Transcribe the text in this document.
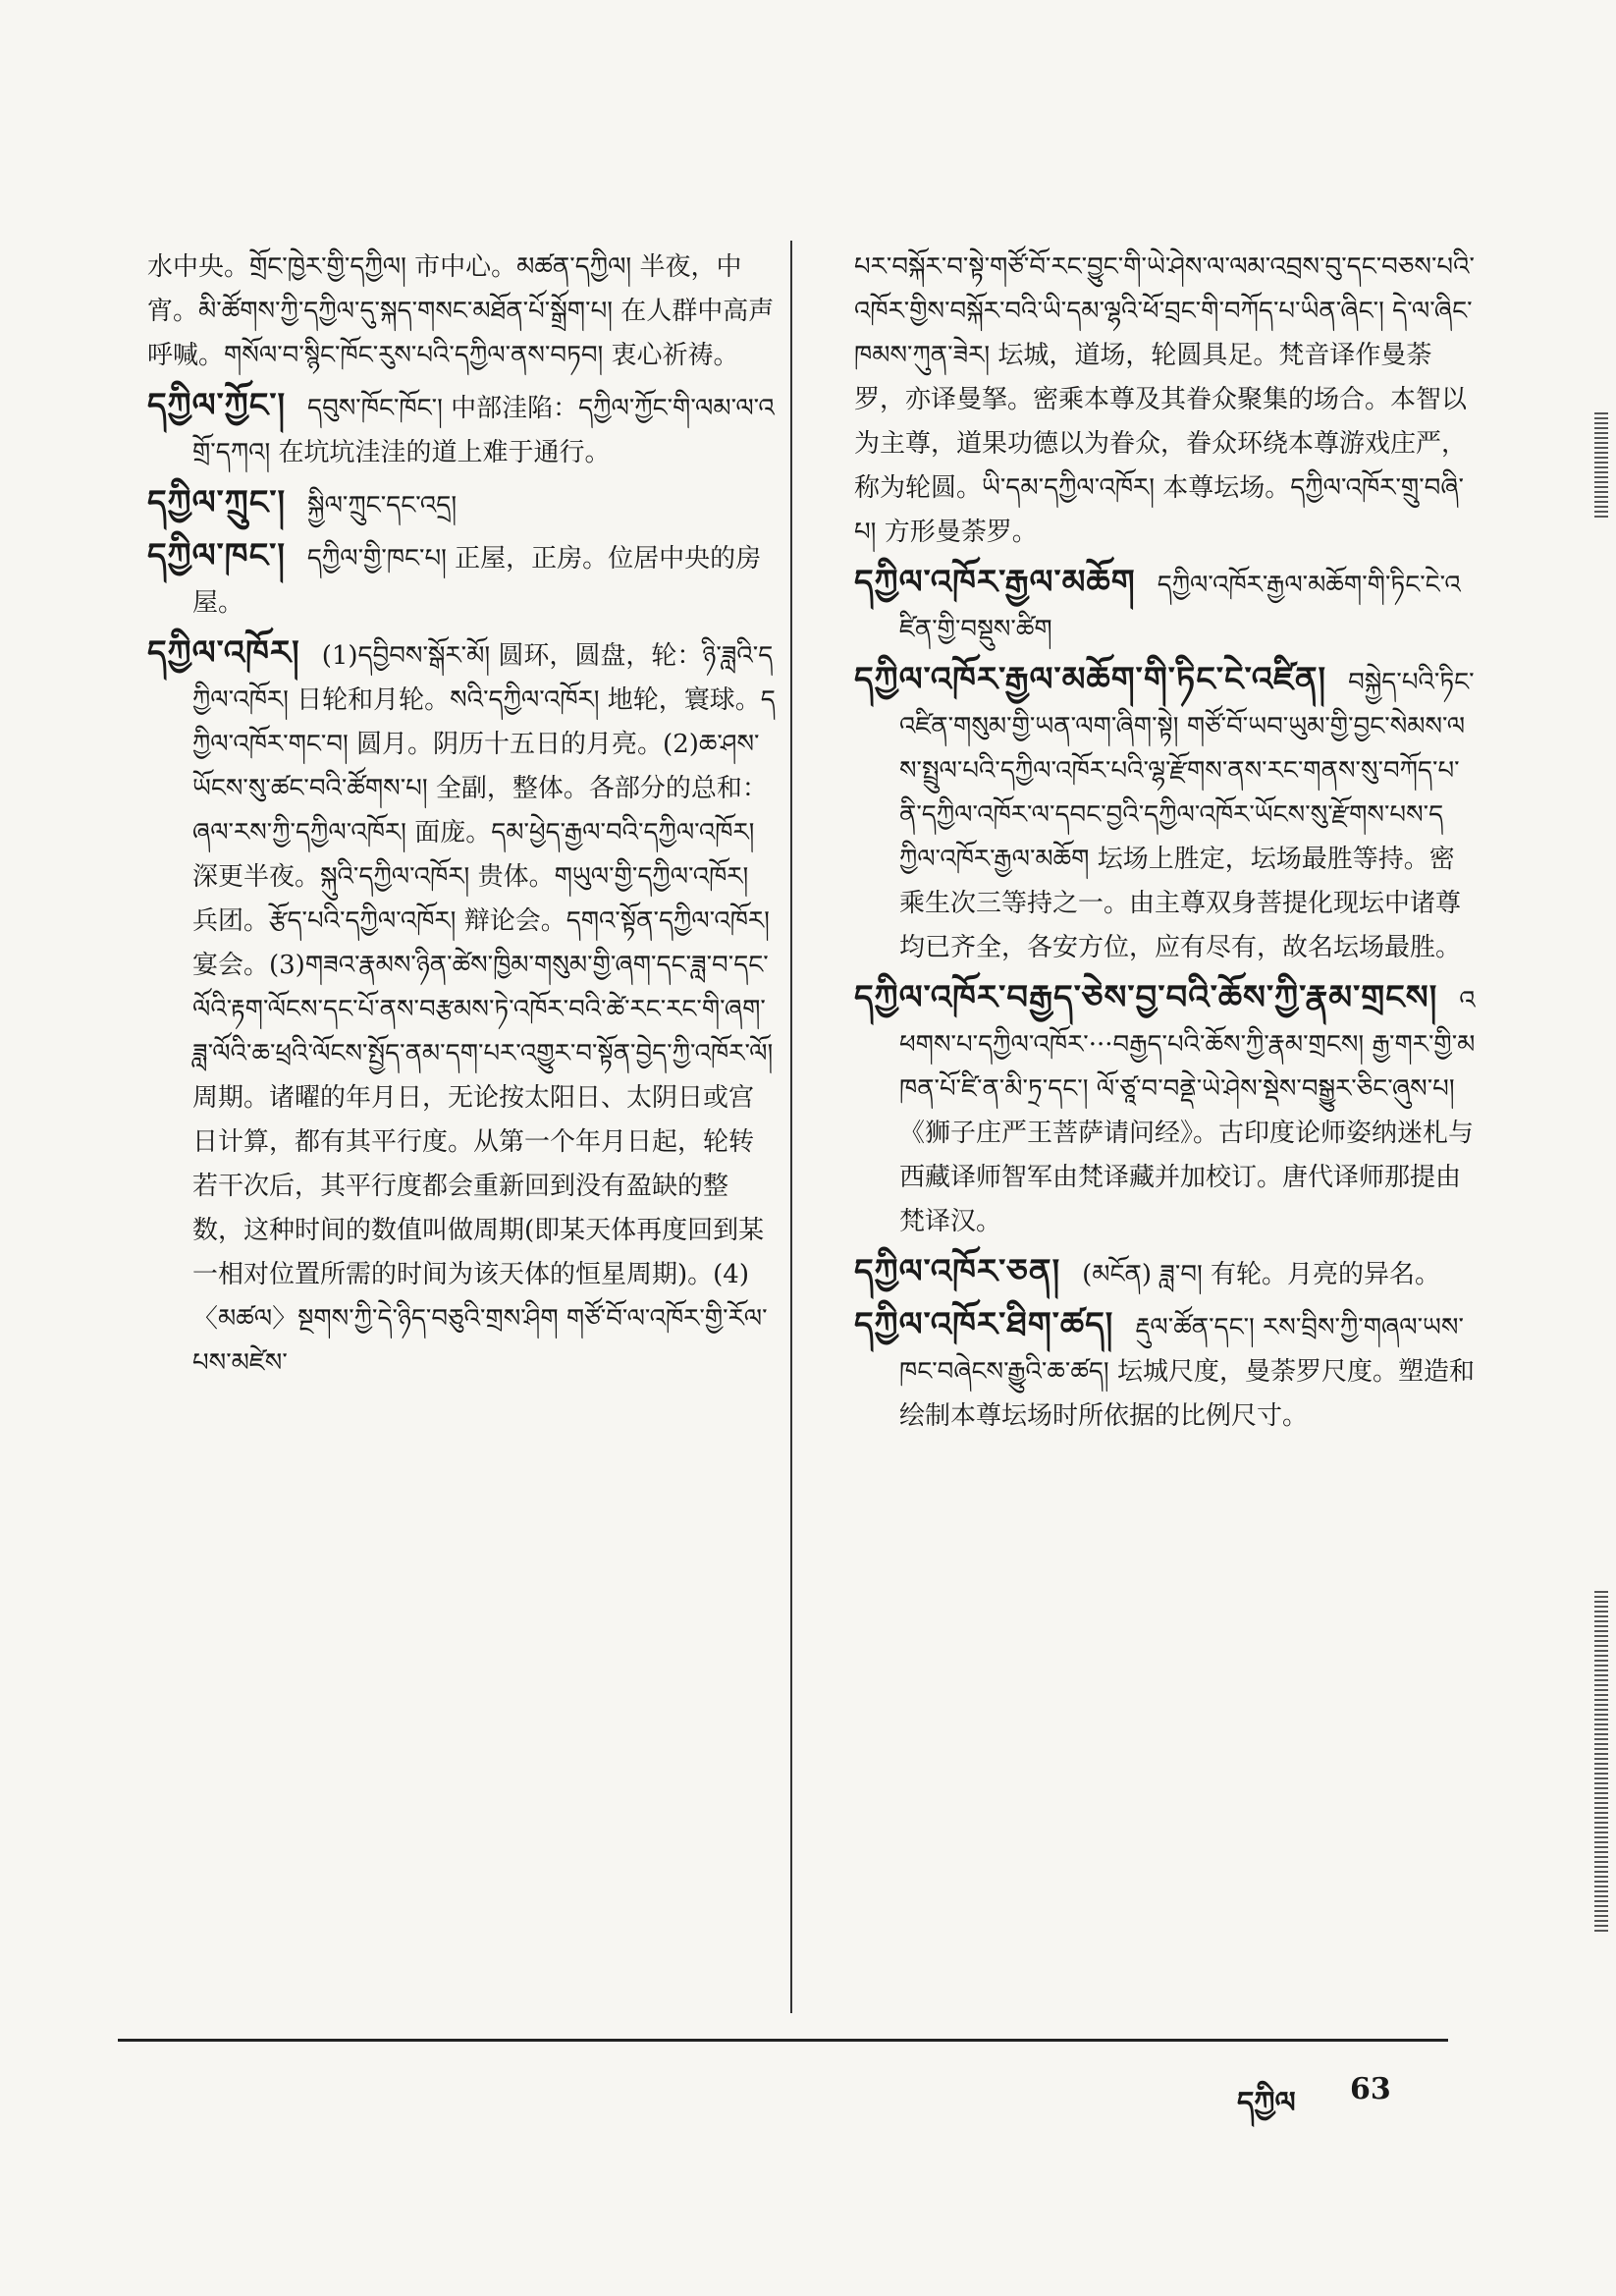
水中央。གྲོང་ཁྱེར་གྱི་དཀྱིལ། 市中心。མཚན་དཀྱིལ། 半夜，中宵。མི་ཚོགས་ཀྱི་དཀྱིལ་དུ་སྐད་གསང་མཐོན་པོ་སྒྲོག་པ། 在人群中高声呼喊。གསོལ་བ་སྙིང་ཁོང་རུས་པའི་དཀྱིལ་ནས་བཏབ། 衷心祈祷。
དཀྱིལ་ཀྱོང་། དབུས་ཁོང་ཁོང་། 中部洼陷：དཀྱིལ་ཀྱོང་གི་ལམ་ལ་འགྲོ་དཀའ། 在坑坑洼洼的道上难于通行。
དཀྱིལ་ཀྲུང་། སྐྱིལ་ཀྲུང་དང་འདྲ།
དཀྱིལ་ཁང་། དཀྱིལ་གྱི་ཁང་པ། 正屋，正房。位居中央的房屋。
དཀྱིལ་འཁོར། (1)དབྱིབས་སྒོར་མོ། 圆环，圆盘，轮：ཉི་ཟླའི་དཀྱིལ་འཁོར། 日轮和月轮。སའི་དཀྱིལ་འཁོར། 地轮，寰球。དཀྱིལ་འཁོར་གང་བ། 圆月。阴历十五日的月亮。(2)ཆ་ཤས་ཡོངས་སུ་ཚང་བའི་ཚོགས་པ། 全副，整体。各部分的总和：ཞལ་རས་ཀྱི་དཀྱིལ་འཁོར། 面庞。དམ་ཕྱེད་རྒྱལ་བའི་དཀྱིལ་འཁོར། 深更半夜。སྐུའི་དཀྱིལ་འཁོར། 贵体。གཡུལ་གྱི་དཀྱིལ་འཁོར། 兵团。རྩོད་པའི་དཀྱིལ་འཁོར། 辩论会。དགའ་སྟོན་དཀྱིལ་འཁོར། 宴会。(3)གཟའ་རྣམས་ཉིན་ཚེས་ཁྱིམ་གསུམ་གྱི་ཞག་དང་ཟླ་བ་དང་ལོའི་རྟག་ལོངས་དང་པོ་ནས་བརྩམས་ཏེ་འཁོར་བའི་ཚེ་རང་རང་གི་ཞག་ཟླ་ལོའི་ཆ་ཕྲའི་ལོངས་སྤྱོད་ནམ་དག་པར་འགྱུར་བ་སྟོན་བྱེད་ཀྱི་འཁོར་ལོ། 周期。诸曜的年月日，无论按太阳日、太阴日或宫日计算，都有其平行度。从第一个年月日起，轮转若干次后，其平行度都会重新回到没有盈缺的整数，这种时间的数值叫做周期(即某天体再度回到某一相对位置所需的时间为该天体的恒星周期)。(4)〈མཚལ〉སྔགས་ཀྱི་དེ་ཉིད་བཅུའི་གྲས་ཤིག གཙོ་བོ་ལ་འཁོར་གྱི་རོལ་པས་མཛེས་
པར་བསྐོར་བ་སྟེ་གཙོ་བོ་རང་བྱུང་གི་ཡེ་ཤེས་ལ་ལམ་འབྲས་བུ་དང་བཅས་པའི་འཁོར་གྱིས་བསྐོར་བའི་ཡི་དམ་ལྷའི་ཕོ་བྲང་གི་བཀོད་པ་ཡིན་ཞིང་། དེ་ལ་ཞིང་ཁམས་ཀུན་ཟེར། 坛城，道场，轮圆具足。梵音译作曼荼罗，亦译曼拏。密乘本尊及其眷众聚集的场合。本智以为主尊，道果功德以为眷众，眷众环绕本尊游戏庄严，称为轮圆。ཡི་དམ་དཀྱིལ་འཁོར། 本尊坛场。དཀྱིལ་འཁོར་གྲུ་བཞི་པ། 方形曼荼罗。
དཀྱིལ་འཁོར་རྒྱལ་མཆོག དཀྱིལ་འཁོར་རྒྱལ་མཆོག་གི་ཏིང་ངེ་འཛིན་གྱི་བསྡུས་ཚིག
དཀྱིལ་འཁོར་རྒྱལ་མཆོག་གི་ཏིང་ངེ་འཛིན། བསྐྱེད་པའི་ཏིང་འཛིན་གསུམ་གྱི་ཡན་ལག་ཞིག་སྟེ། གཙོ་བོ་ཡབ་ཡུམ་གྱི་བྱང་སེམས་ལས་སྤྲུལ་པའི་དཀྱིལ་འཁོར་པའི་ལྷ་རྫོགས་ནས་རང་གནས་སུ་བཀོད་པ་ནི་དཀྱིལ་འཁོར་ལ་དབང་བྱའི་དཀྱིལ་འཁོར་ཡོངས་སུ་རྫོགས་པས་དཀྱིལ་འཁོར་རྒྱལ་མཆོག 坛场上胜定，坛场最胜等持。密乘生次三等持之一。由主尊双身菩提化现坛中诸尊均已齐全，各安方位，应有尽有，故名坛场最胜。
དཀྱིལ་འཁོར་བརྒྱད་ཅེས་བྱ་བའི་ཆོས་ཀྱི་རྣམ་གྲངས། འཕགས་པ་དཀྱིལ་འཁོར་···བརྒྱད་པའི་ཆོས་ཀྱི་རྣམ་གྲངས། རྒྱ་གར་གྱི་མཁན་པོ་ཛི་ན་མི་ཏྲ་དང་། ལོ་ཙཱ་བ་བནྡེ་ཡེ་ཤེས་སྡེས་བསྒྱུར་ཅིང་ཞུས་པ། 《狮子庄严王菩萨请问经》。古印度论师姿纳迷札与西藏译师智军由梵译藏并加校订。唐代译师那提由梵译汉。
དཀྱིལ་འཁོར་ཅན། (མངོན) ཟླ་བ། 有轮。月亮的异名。
དཀྱིལ་འཁོར་ཐིག་ཚད། རྡུལ་ཚོན་དང་། རས་བྲིས་ཀྱི་གཞལ་ཡས་ཁང་བཞེངས་རྒྱུའི་ཆ་ཚད། 坛城尺度，曼荼罗尺度。塑造和绘制本尊坛场时所依据的比例尺寸。
དཀྱིལ 63
